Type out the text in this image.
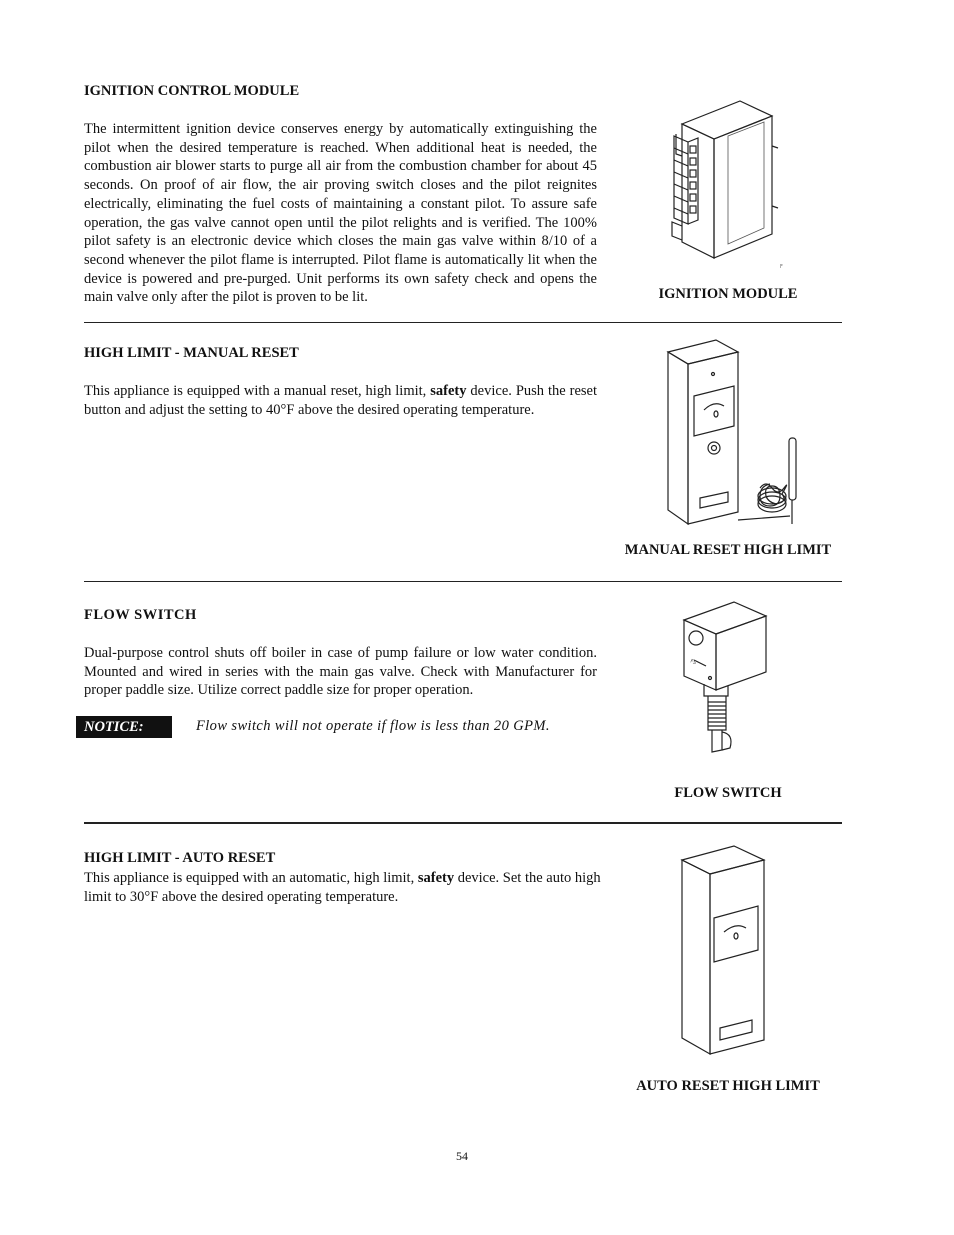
IGNITION CONTROL MODULE
The intermittent ignition device conserves energy by automatically extinguishing the pilot when the desired temperature is reached. When additional heat is needed, the combustion air blower starts to purge all air from the combustion chamber for about 45 seconds. On proof of air flow, the air proving switch closes and the pilot reignites electrically, eliminating the fuel costs of maintaining a constant pilot. To assure safe operation, the gas valve cannot open until the pilot relights and is verified. The 100% pilot safety is an electronic device which closes the main gas valve within 8/10 of a second whenever the pilot flame is interrupted. Pilot flame is automatically lit when the device is powered and pre-purged. Unit performs its own safety check and opens the main valve only after the pilot is proven to be lit.
F
IGNITION MODULE
HIGH LIMIT - MANUAL RESET
This appliance is equipped with a manual reset, high limit, safety device. Push the reset button and adjust the setting to 40°F above the desired operating temperature.
MANUAL RESET HIGH LIMIT
FLOW SWITCH
Dual-purpose control shuts off boiler in case of pump failure or low water condition. Mounted and wired in series with the main gas valve. Check with Manufacturer for proper paddle size. Utilize correct paddle size for proper operation.
NOTICE:	Flow switch will not operate if flow is less than 20 GPM.
FS
FLOW SWITCH
HIGH LIMIT - AUTO RESET
This appliance is equipped with an automatic, high limit, safety device. Set the auto high limit to 30°F above the desired operating temperature.
AUTO RESET HIGH LIMIT
54
